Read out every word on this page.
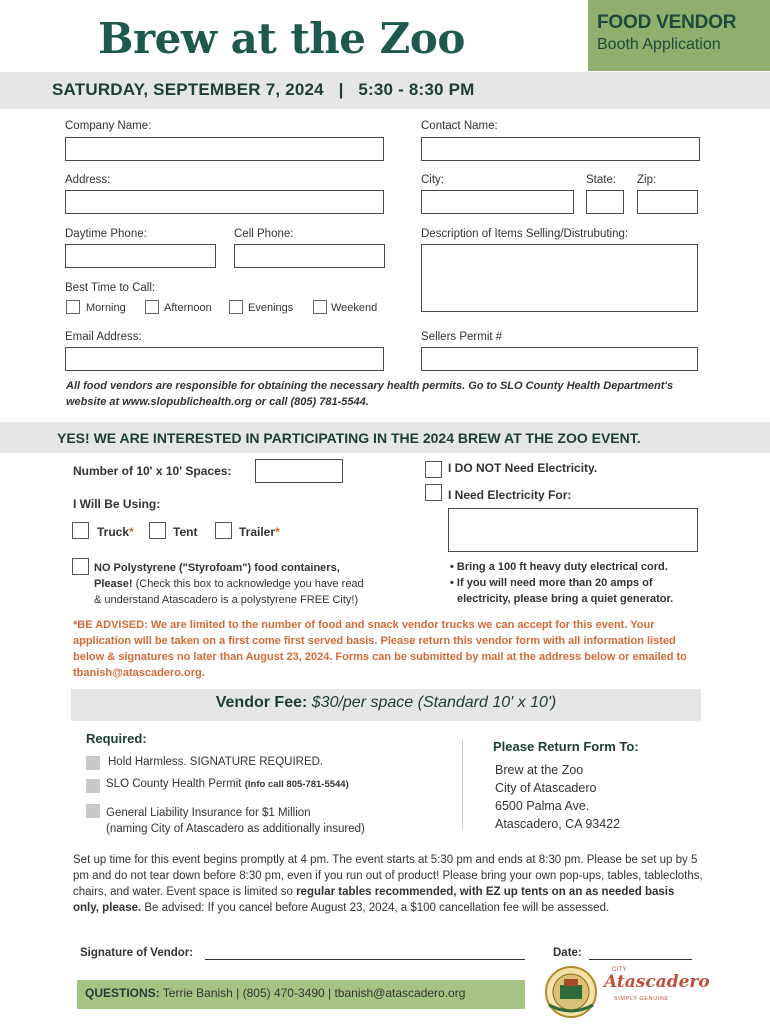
Brew at the Zoo	FOOD VENDOR
Booth Application
SATURDAY, SEPTEMBER 7, 2024   |   5:30 - 8:30 PM
Company Name:	Contact Name:
Address:	City:	State: Zip:
Daytime Phone:	Cell Phone:	Description of Items Selling/Distrubuting:
Best Time to Call:
Morning	Afternoon	Evenings	Weekend
Email Address:	Sellers Permit #
All food vendors are responsible for obtaining the necessary health permits. Go to SLO County Health Department's website at www.slopublichealth.org or call (805) 781-5544.
YES! WE ARE INTERESTED IN PARTICIPATING IN THE 2024 BREW AT THE ZOO EVENT.
Number of 10' x 10' Spaces:
I Will Be Using:
Truck*	Tent	Trailer*
NO Polystyrene ("Styrofoam") food containers,
Please! (Check this box to acknowledge you have read
& understand Atascadero is a polystyrene FREE City!)
I DO NOT Need Electricity.
I Need Electricity For:
• Bring a 100 ft heavy duty electrical cord.
• If you will need more than 20 amps of
electricity, please bring a quiet generator.
*BE ADVISED: We are limited to the number of food and snack vendor trucks we can accept for this event. Your application will be taken on a first come first served basis. Please return this vendor form with all information listed below & signatures no later than August 23, 2024. Forms can be submitted by mail at the address below or emailed to tbanish@atascadero.org.
Vendor Fee: $30/per space (Standard 10' x 10')
Required:
Hold Harmless. SIGNATURE REQUIRED.
SLO County Health Permit (Info call 805-781-5544)
General Liability Insurance for $1 Million
(naming City of Atascadero as additionally insured)
Please Return Form To:
Brew at the Zoo
City of Atascadero
6500 Palma Ave.
Atascadero, CA 93422
Set up time for this event begins promptly at 4 pm. The event starts at 5:30 pm and ends at 8:30 pm. Please be set up by 5 pm and do not tear down before 8:30 pm, even if you run out of product! Please bring your own pop-ups, tables, tablecloths, chairs, and water. Event space is limited so regular tables recommended, with EZ up tents on an as needed basis only, please. Be advised: If you cancel before August 23, 2024, a $100 cancellation fee will be assessed.
Signature of Vendor:	Date:
QUESTIONS: Terrie Banish | (805) 470-3490 | tbanish@atascadero.org
CITY
Atascadero
SIMPLY GENUINE
